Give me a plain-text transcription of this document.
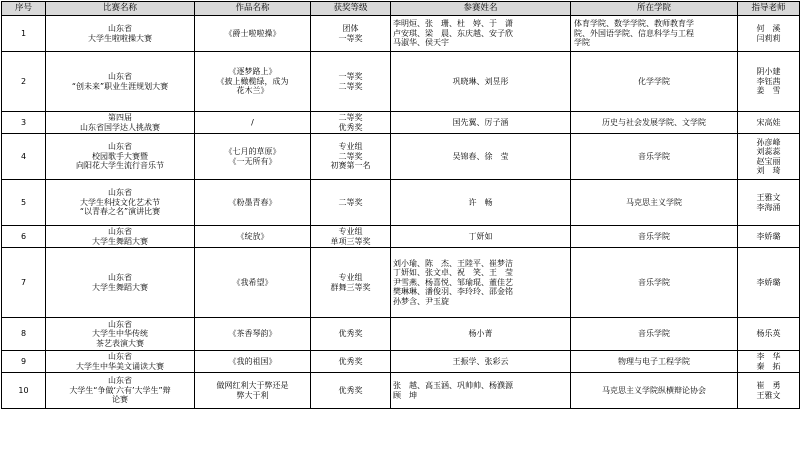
序号	比赛名称	作品名称	获奖等级	参赛姓名	所在学院	指导老师
1	山东省
大学生啦啦操大赛	《爵士啦啦操》	团体
一等奖	李明烜、张　珊、杜　婷、于　潇
卢安琪、梁　晨、东庆越、安子欣
马淑华、侯天宇	体育学院、数学学院、教师教育学
院、外国语学院、信息科学与工程
学院	何　溪
闫莉莉

2	山东省
“创未来”职业生涯规划大赛	《逐梦路上》
《披上橄榄绿，成为
花木兰》	一等奖
二等奖	巩晓琳、刘昱彤	化学学院	阴小建
李钰茜
姜　雪

3	第四届
山东省国学达人挑战赛	/	二等奖
优秀奖	国先翼、厉子涵	历史与社会发展学院、文学院	宋高娃

4	山东省
校园歌手大赛暨
向阳花大学生流行音乐节	《七月的草原》
《一无所有》	专业组
二等奖
初赛第一名	吴锦春、徐　莹	音乐学院	孙彦峰
刘蕊蕊
赵宝丽
刘　琦

5	山东省
大学生科技文化艺术节
“以青春之名”演讲比赛	《粉墨青春》	二等奖	许　畅	马克思主义学院	王雅文
李海涌

6	山东省
大学生舞蹈大赛	《绽放》	专业组
单项三等奖	丁妍如	音乐学院	李娇璐

7	山东省
大学生舞蹈大赛	《我希望》	专业组
群舞三等奖	刘小瑜、陈　杰、王陸平、崔梦洁
丁妍如、张文卓、祝　笑、王　莹
尹雪燕、杨喜悦、邹瑜琨、董佳艺
樊琳琳、潘俊羽、李玲玲、邵金铭
孙梦含、尹玉旋	音乐学院	李娇璐

8	山东省
大学生中华传统
茶艺表演大赛	《茶香琴韵》	优秀奖	杨小菁	音乐学院	杨乐英

9	山东省
大学生中华美文诵读大赛	《我的祖国》	优秀奖	王振学、张彩云	物理与电子工程学院	李　华
秦　拓

10	山东省
大学生“争做‘六有’大学生”辩
论赛	做网红利大于弊还是
弊大于利	优秀奖	张　越、高玉涵、巩帅帅、杨濮源
顾　坤	马克思主义学院纵横辩论协会	崔　勇
王雅文
